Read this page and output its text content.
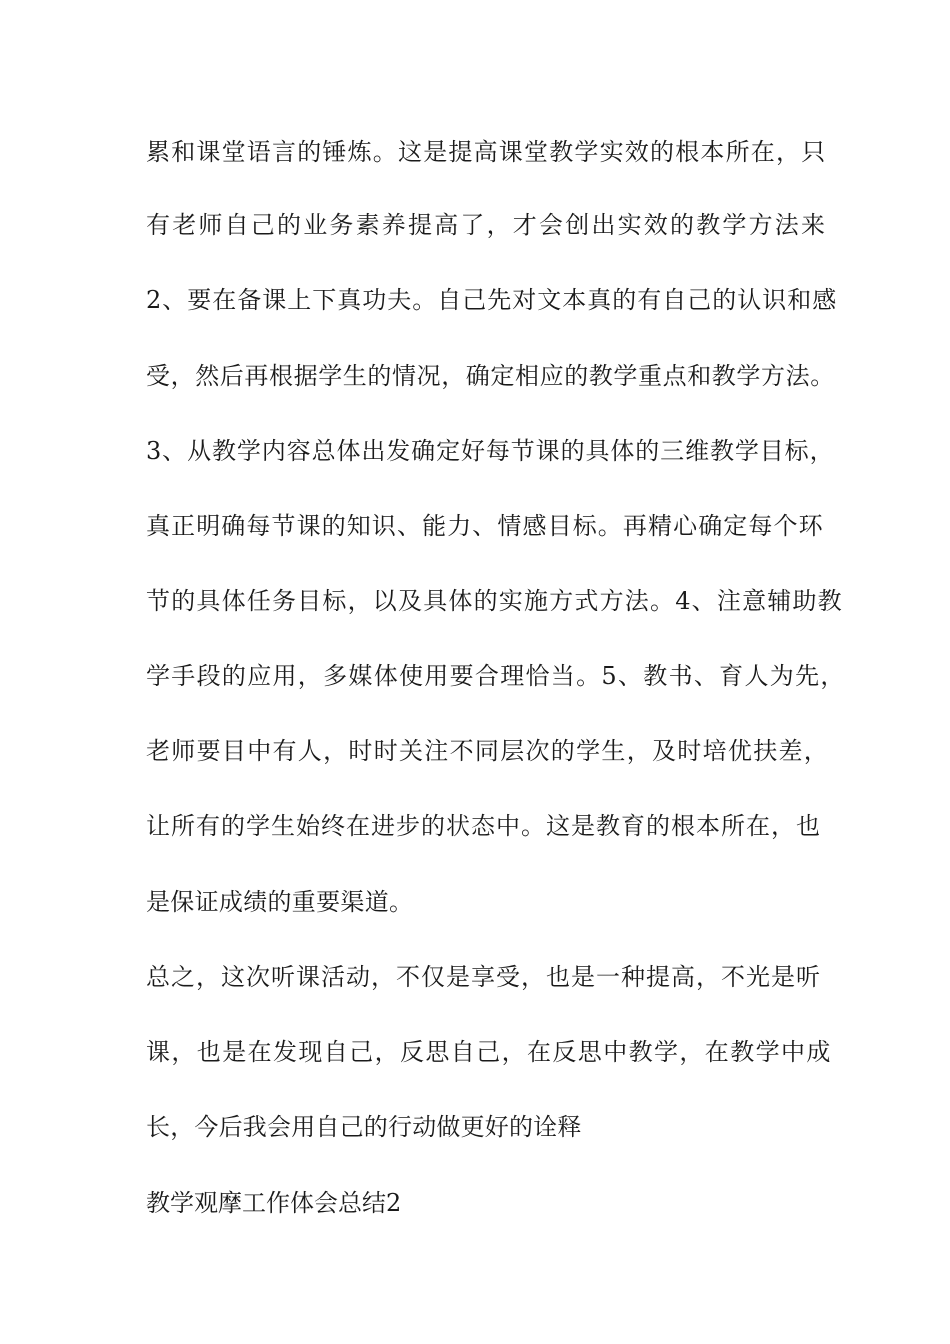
累和课堂语言的锤炼。这是提高课堂教学实效的根本所在，只
有老师自己的业务素养提高了，才会创出实效的教学方法来
2、要在备课上下真功夫。自己先对文本真的有自己的认识和感
受，然后再根据学生的情况，确定相应的教学重点和教学方法。
3、从教学内容总体出发确定好每节课的具体的三维教学目标，
真正明确每节课的知识、能力、情感目标。再精心确定每个环
节的具体任务目标，以及具体的实施方式方法。4、注意辅助教
学手段的应用，多媒体使用要合理恰当。5、教书、育人为先，
老师要目中有人，时时关注不同层次的学生，及时培优扶差，
让所有的学生始终在进步的状态中。这是教育的根本所在，也
是保证成绩的重要渠道。
总之，这次听课活动，不仅是享受，也是一种提高，不光是听
课，也是在发现自己，反思自己，在反思中教学，在教学中成
长，今后我会用自己的行动做更好的诠释
教学观摩工作体会总结2
